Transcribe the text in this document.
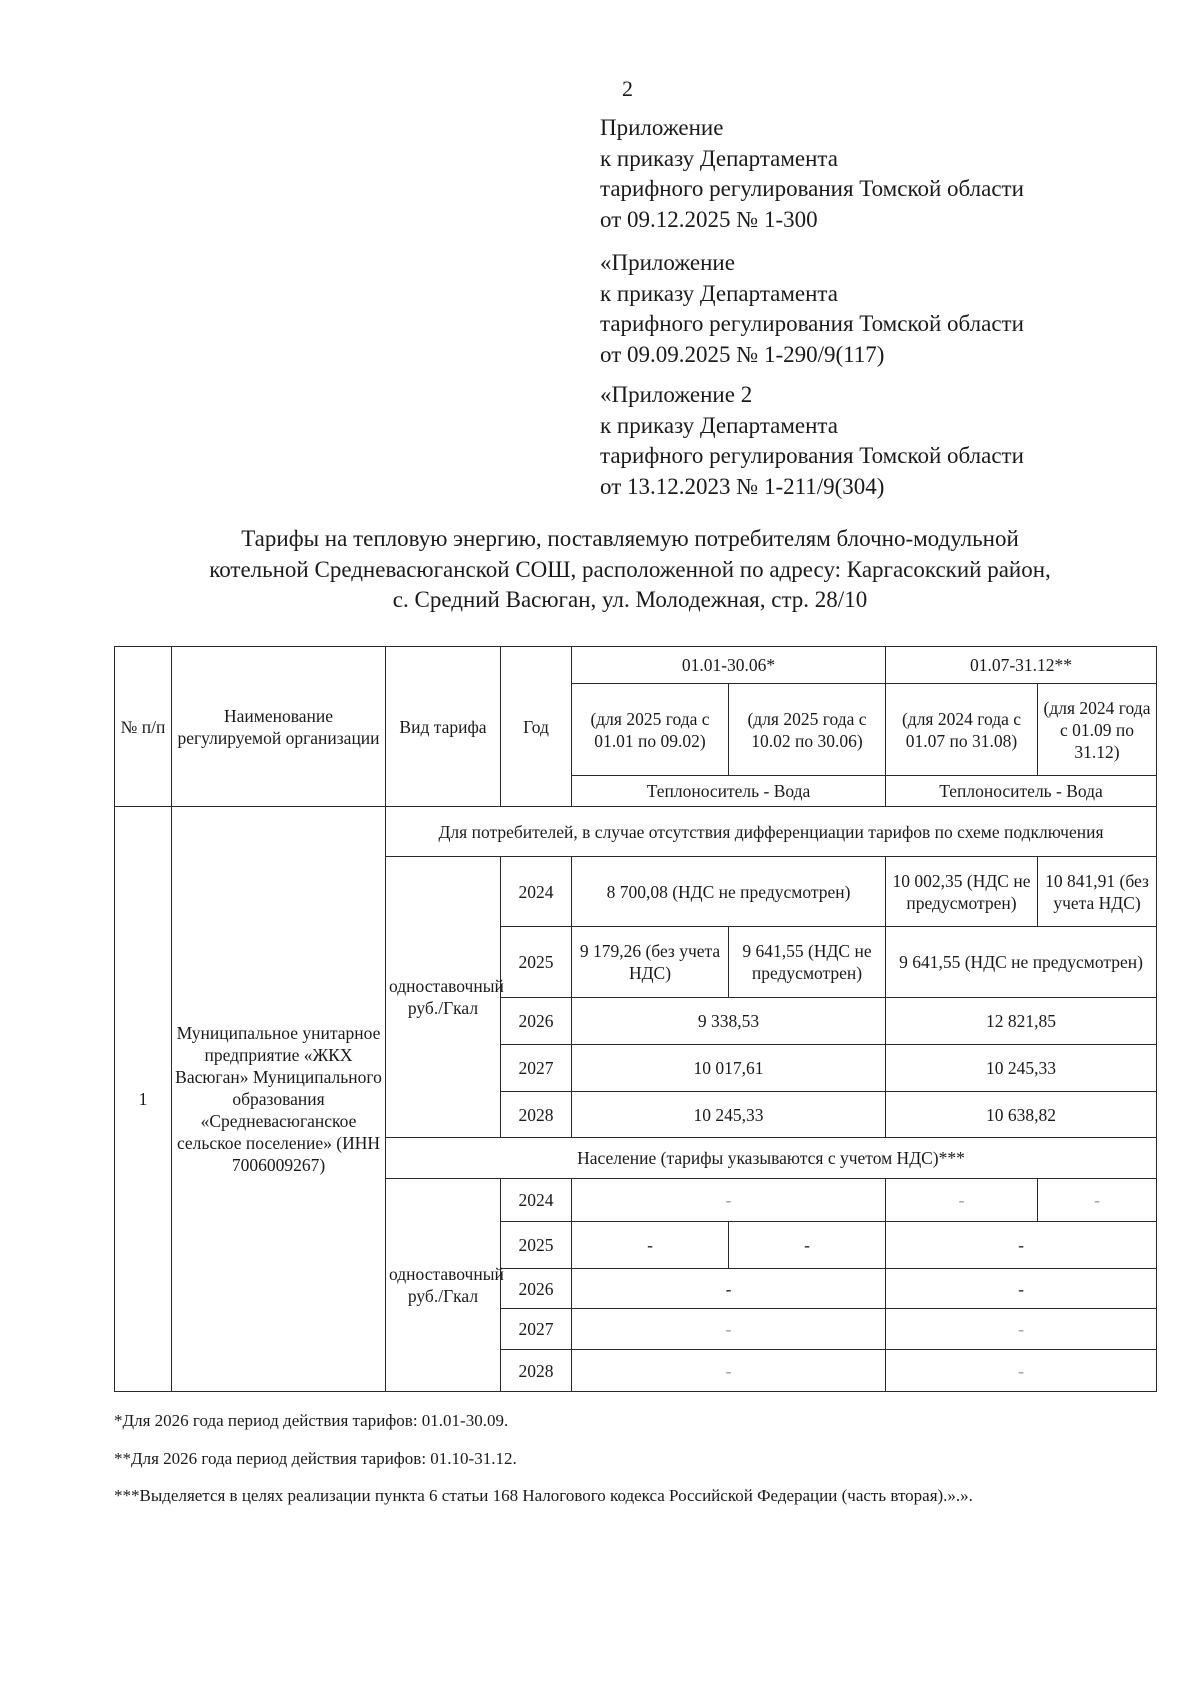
2
Приложение
к приказу Департамента
тарифного регулирования Томской области
от 09.12.2025 № 1-300
«Приложение
к приказу Департамента
тарифного регулирования Томской области
от 09.09.2025 № 1-290/9(117)
«Приложение 2
к приказу Департамента
тарифного регулирования Томской области
от 13.12.2023 № 1-211/9(304)
Тарифы на тепловую энергию, поставляемую потребителям блочно-модульной
котельной Средневасюганской СОШ, расположенной по адресу: Каргасокский район,
с. Средний Васюган, ул. Молодежная, стр. 28/10
№ п/п	Наименование регулируемой организации	Вид тарифа	Год	01.01-30.06*		01.07-31.12**	
				(для 2025 года с 01.01 по 09.02)	(для 2025 года с 10.02 по 30.06)	(для 2024 года с 01.07 по 31.08)	(для 2024 года с 01.09 по 31.12)
				Теплоноситель - Вода		Теплоноситель - Вода	
1	Муниципальное унитарное предприятие «ЖКХ Васюган» Муниципального образования «Средневасюганское сельское поселение» (ИНН 7006009267)	Для потребителей, в случае отсутствия дифференциации тарифов по схеме подключения					
		одноставочный руб./Гкал	2024	8 700,08 (НДС не предусмотрен)		10 002,35 (НДС не предусмотрен)	10 841,91 (без учета НДС)
			2025	9 179,26 (без учета НДС)	9 641,55 (НДС не предусмотрен)	9 641,55 (НДС не предусмотрен)	
			2026	9 338,53		12 821,85	
			2027	10 017,61		10 245,33	
			2028	10 245,33		10 638,82	
		Население (тарифы указываются с учетом НДС)***					
		одноставочный руб./Гкал	2024	-		-	-
			2025	-	-	-	
			2026	-		-	
			2027	-		-	
			2028	-		-	
*Для 2026 года период действия тарифов: 01.01-30.09.
**Для 2026 года период действия тарифов: 01.10-31.12.
***Выделяется в целях реализации пункта 6 статьи 168 Налогового кодекса Российской Федерации (часть вторая).».».
